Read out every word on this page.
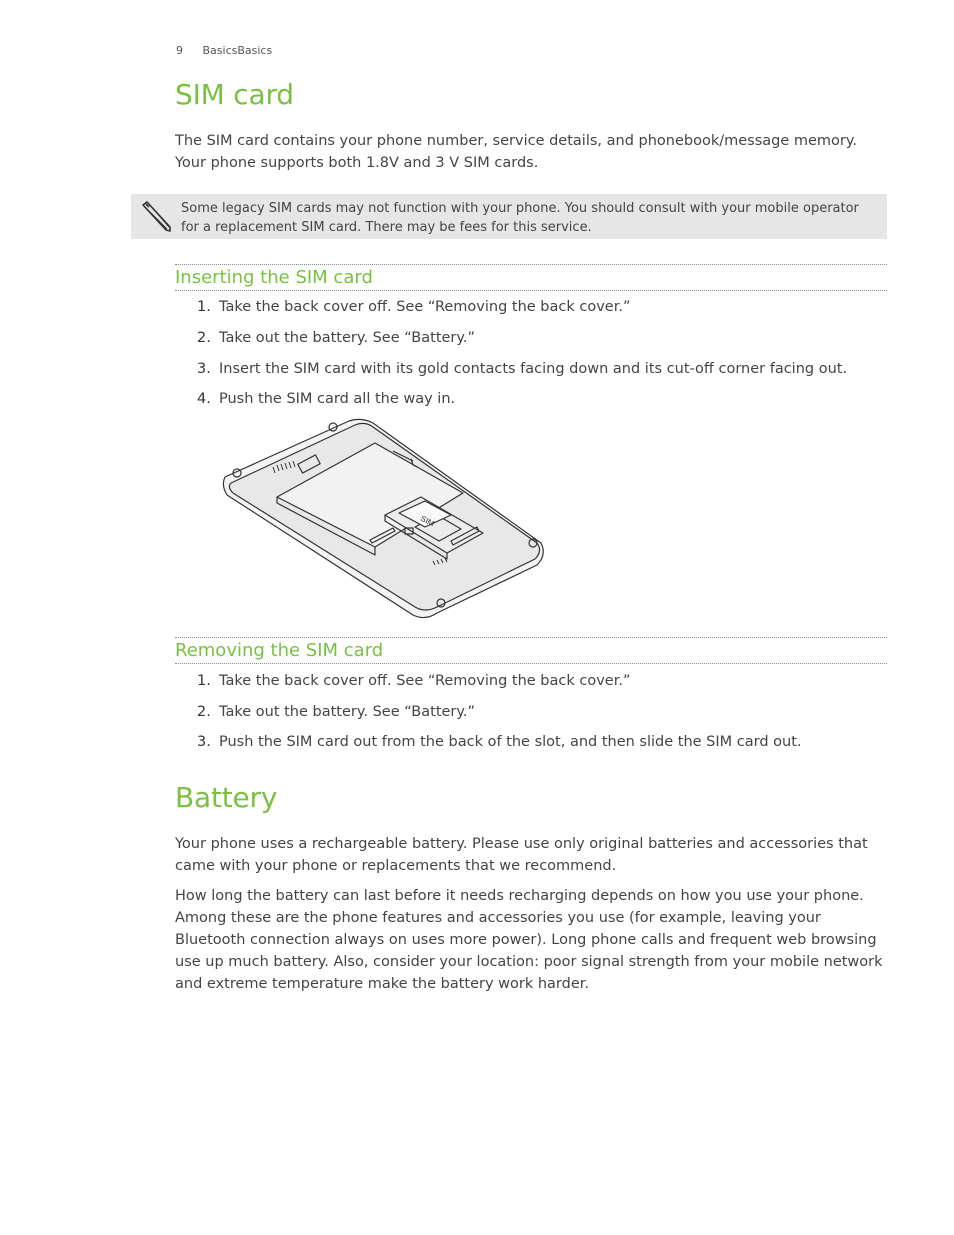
9 BasicsBasics
SIM card

The SIM card contains your phone number, service details, and phonebook/message memory. Your phone supports both 1.8V and 3 V SIM cards.

Some legacy SIM cards may not function with your phone. You should consult with your mobile operator for a replacement SIM card. There may be fees for this service.
Inserting the SIM card
1. Take the back cover off. See “Removing the back cover.”
2. Take out the battery. See “Battery.”
3. Insert the SIM card with its gold contacts facing down and its cut-off corner facing out.
4. Push the SIM card all the way in.
SIM
Removing the SIM card
1. Take the back cover off. See “Removing the back cover.”
2. Take out the battery. See “Battery.”
3. Push the SIM card out from the back of the slot, and then slide the SIM card out.
Battery

Your phone uses a rechargeable battery. Please use only original batteries and accessories that came with your phone or replacements that we recommend.

How long the battery can last before it needs recharging depends on how you use your phone. Among these are the phone features and accessories you use (for example, leaving your Bluetooth connection always on uses more power). Long phone calls and frequent web browsing use up much battery. Also, consider your location: poor signal strength from your mobile network and extreme temperature make the battery work harder.
